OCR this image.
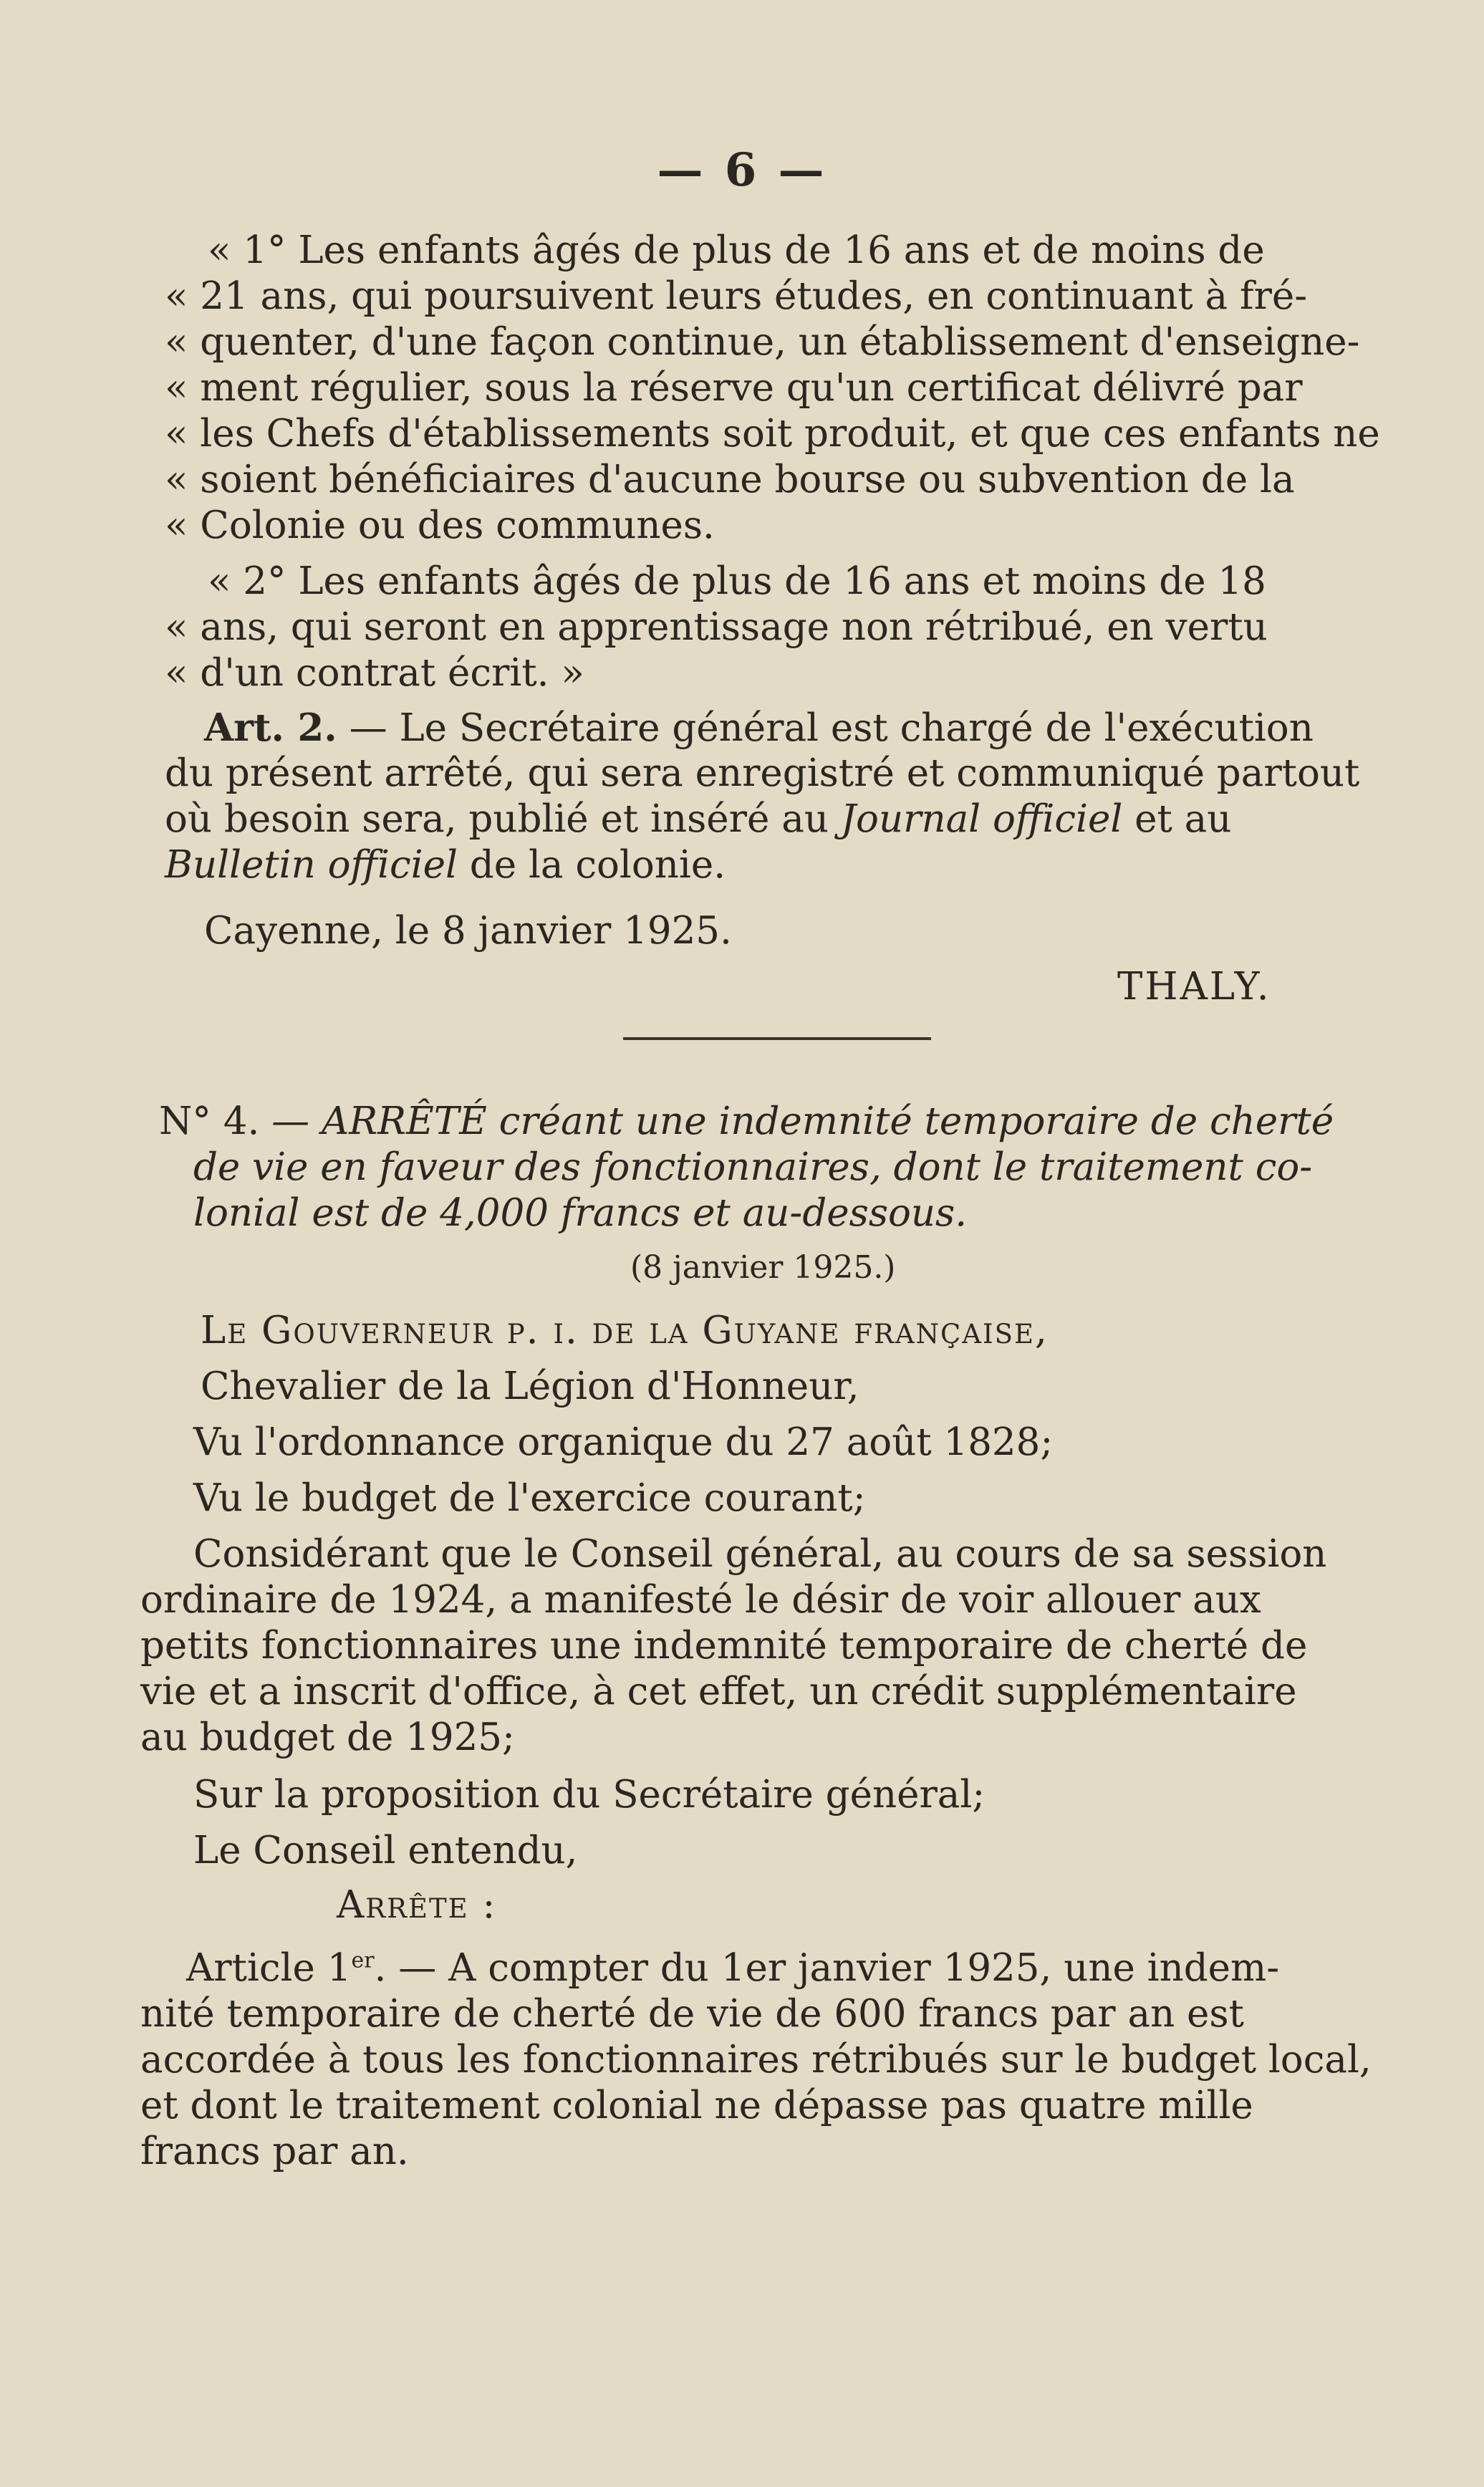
— 6 —
« 1° Les enfants âgés de plus de 16 ans et de moins de
« 21 ans, qui poursuivent leurs études, en continuant à fré-
« quenter, d'une façon continue, un établissement d'enseigne-
« ment régulier, sous la réserve qu'un certificat délivré par
« les Chefs d'établissements soit produit, et que ces enfants ne
« soient bénéficiaires d'aucune bourse ou subvention de la
« Colonie ou des communes.
« 2° Les enfants âgés de plus de 16 ans et moins de 18
« ans, qui seront en apprentissage non rétribué, en vertu
« d'un contrat écrit. »
Art. 2. — Le Secrétaire général est chargé de l'exécution
du présent arrêté, qui sera enregistré et communiqué partout
où besoin sera, publié et inséré au Journal officiel et au
Bulletin officiel de la colonie.
Cayenne, le 8 janvier 1925.
THALY.
N° 4. — ARRÊTÉ créant une indemnité temporaire de cherté
de vie en faveur des fonctionnaires, dont le traitement co-
lonial est de 4,000 francs et au-dessous.
(8 janvier 1925.)
Le Gouverneur p. i. de la Guyane française,
Chevalier de la Légion d'Honneur,
Vu l'ordonnance organique du 27 août 1828;
Vu le budget de l'exercice courant;
Considérant que le Conseil général, au cours de sa session
ordinaire de 1924, a manifesté le désir de voir allouer aux
petits fonctionnaires une indemnité temporaire de cherté de
vie et a inscrit d'office, à cet effet, un crédit supplémentaire
au budget de 1925;
Sur la proposition du Secrétaire général;
Le Conseil entendu,
Arrête :
Article 1er. — A compter du 1er janvier 1925, une indem-
nité temporaire de cherté de vie de 600 francs par an est
accordée à tous les fonctionnaires rétribués sur le budget local,
et dont le traitement colonial ne dépasse pas quatre mille
francs par an.
